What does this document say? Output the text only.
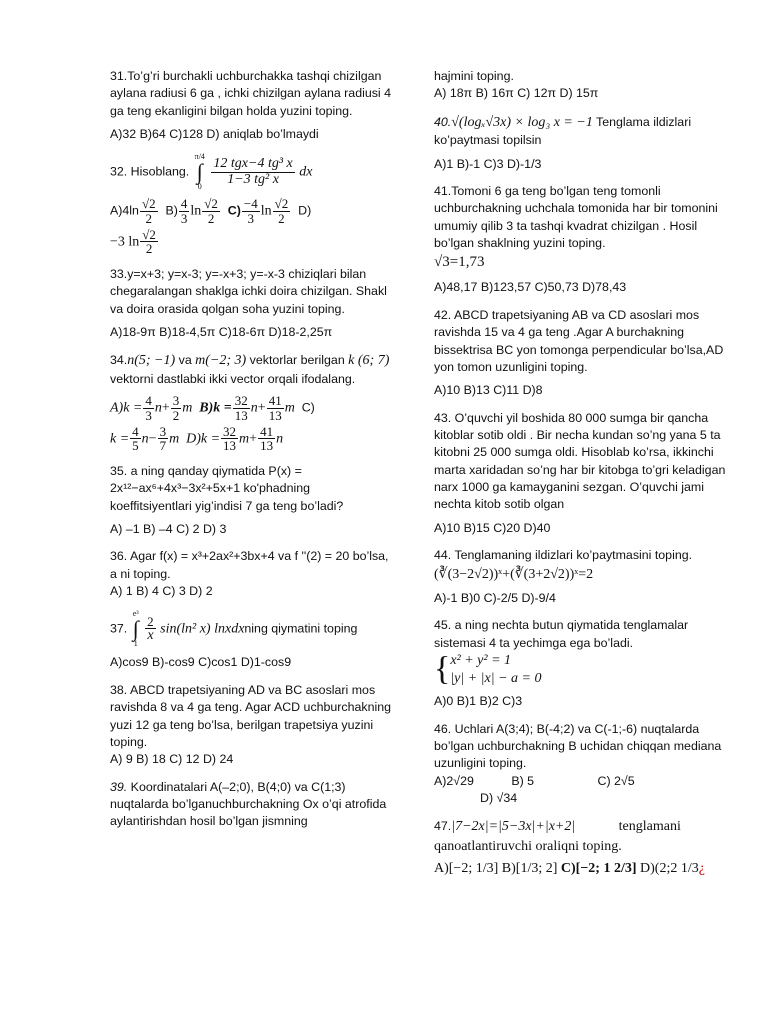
31.To’g’ri burchakli uchburchakka tashqi chizilgan aylana radiusi 6 ga , ichki chizilgan aylana radiusi 4 ga teng ekanligini bilgan holda yuzini toping.
A)32 B)64 C)128 D) aniqlab bo’lmaydi
32. Hisoblang. π/4
∫
$0 \frac{\text{12 tgx−4 tg³ x}}{\text{1−3 tg² x}}$ dx
$A)4\ln \frac{√2}{2} B) \frac{4}{3}$ $\ln \frac{√2}{2} C) \frac{-4}{3}$ $\ln \frac{√2}{2} D$)
−3 $\ln \frac{√2}{2}$
33.y=x+3; y=x-3; y=-x+3; y=-x-3 chiziqlari bilan chegaralangan shaklga ichki doira chizilgan. Shakl va doira orasida qolgan soha yuzini toping.
A)18-9π B)18-4,5π C)18-6π D)18-2,25π
34.n(5; −1) va m(−2; 3) vektorlar berilgan k (6; 7) vektorni dastlabki ikki vector orqali ifodalang.
$A)k = \frac{4}{3} n+ \frac{3}{2}$ m $B)k = \frac{32}{13} n+ \frac{41}{13}$ m C)
$k = \frac{4}{5} n- \frac{3}{7}$ m $D)k = \frac{32}{13} m+ \frac{41}{13}$ n
35. a ning qanday qiymatida P(x) = 2x¹²−ax⁶+4x³−3x²+5x+1 ko'phadning koeffitsiyentlari yig’indisi 7 ga teng bo’ladi?
A) –1 B) –4 C) 2 D) 3
36. Agar f(x) = x³+2ax²+3bx+4 va f ''(2) = 20 bo’lsa, a ni toping.
A) 1 B) 4 C) 3 D) 2
37. e³
∫
$1 \frac{2}{x} \sin(\ln^2$ x) lnxdxning qiymatini toping
A)cos9 B)-cos9 C)cos1 D)1-cos9
38. ABCD trapetsiyaning AD va BC asoslari mos ravishda 8 va 4 ga teng. Agar ACD uchburchakning yuzi 12 ga teng bo’lsa, berilgan trapetsiya yuzini toping.
A) 9 B) 18 C) 12 D) 24
39. Koordinatalari A(–2;0), B(4;0) va C(1;3) nuqtalarda bo’lganuchburchakning Ox o’qi atrofida aylantirishdan hosil bo’lgan jismning
hajmini toping.
A) 18π B) 16π C) 12π D) 15π
40.√(logₓ√3x) × log₃ x = −1 Tenglama ildizlari ko’paytmasi topilsin
A)1 B)-1 C)3 D)-1/3
41.Tomoni 6 ga teng bo’lgan teng tomonli uchburchakning uchchala tomonida har bir tomonini umumiy qilib 3 ta tashqi kvadrat chizilgan . Hosil bo’lgan shaklning yuzini toping.
√3=1,73
A)48,17 B)123,57 C)50,73 D)78,43
42. ABCD trapetsiyaning AB va CD asoslari mos ravishda 15 va 4 ga teng .Agar A burchakning bissektrisa BC yon tomonga perpendicular bo’lsa,AD yon tomon uzunligini toping.
A)10 B)13 C)11 D)8
43. O’quvchi yil boshida 80 000 sumga bir qancha kitoblar sotib oldi . Bir necha kundan so’ng yana 5 ta kitobni 25 000 sumga oldi. Hisoblab ko’rsa, ikkinchi marta xaridadan so’ng har bir kitobga to’gri keladigan narx 1000 ga kamayganini sezgan. O’quvchi jami nechta kitob sotib olgan
A)10 B)15 C)20 D)40
44. Tenglamaning ildizlari ko’paytmasini toping.
(∛(3−2√2))ˣ+(∛(3+2√2))ˣ=2
A)-1 B)0 C)-2/5 D)-9/4
45. a ning nechta butun qiymatida tenglamalar sistemasi 4 ta yechimga ega bo’ladi.
{x² + y² = 1
|y| + |x| − a = 0
A)0 B)1 B)2 C)3
46. Uchlari A(3;4); B(-4;2) va C(-1;-6) nuqtalarda bo’lgan uchburchakning B uchidan chiqqan mediana uzunligini toping.
A)2√29	B) 5	C) 2√5
D) √34
47.|7−2x|=|5−3x|+|x+2|	tenglamani
qanoatlantiruvchi oraliqni toping.
A)[−2; 1/3] B)[1/3; 2] C)[−2; 1 2/3] D)(2;2 1/3¿
